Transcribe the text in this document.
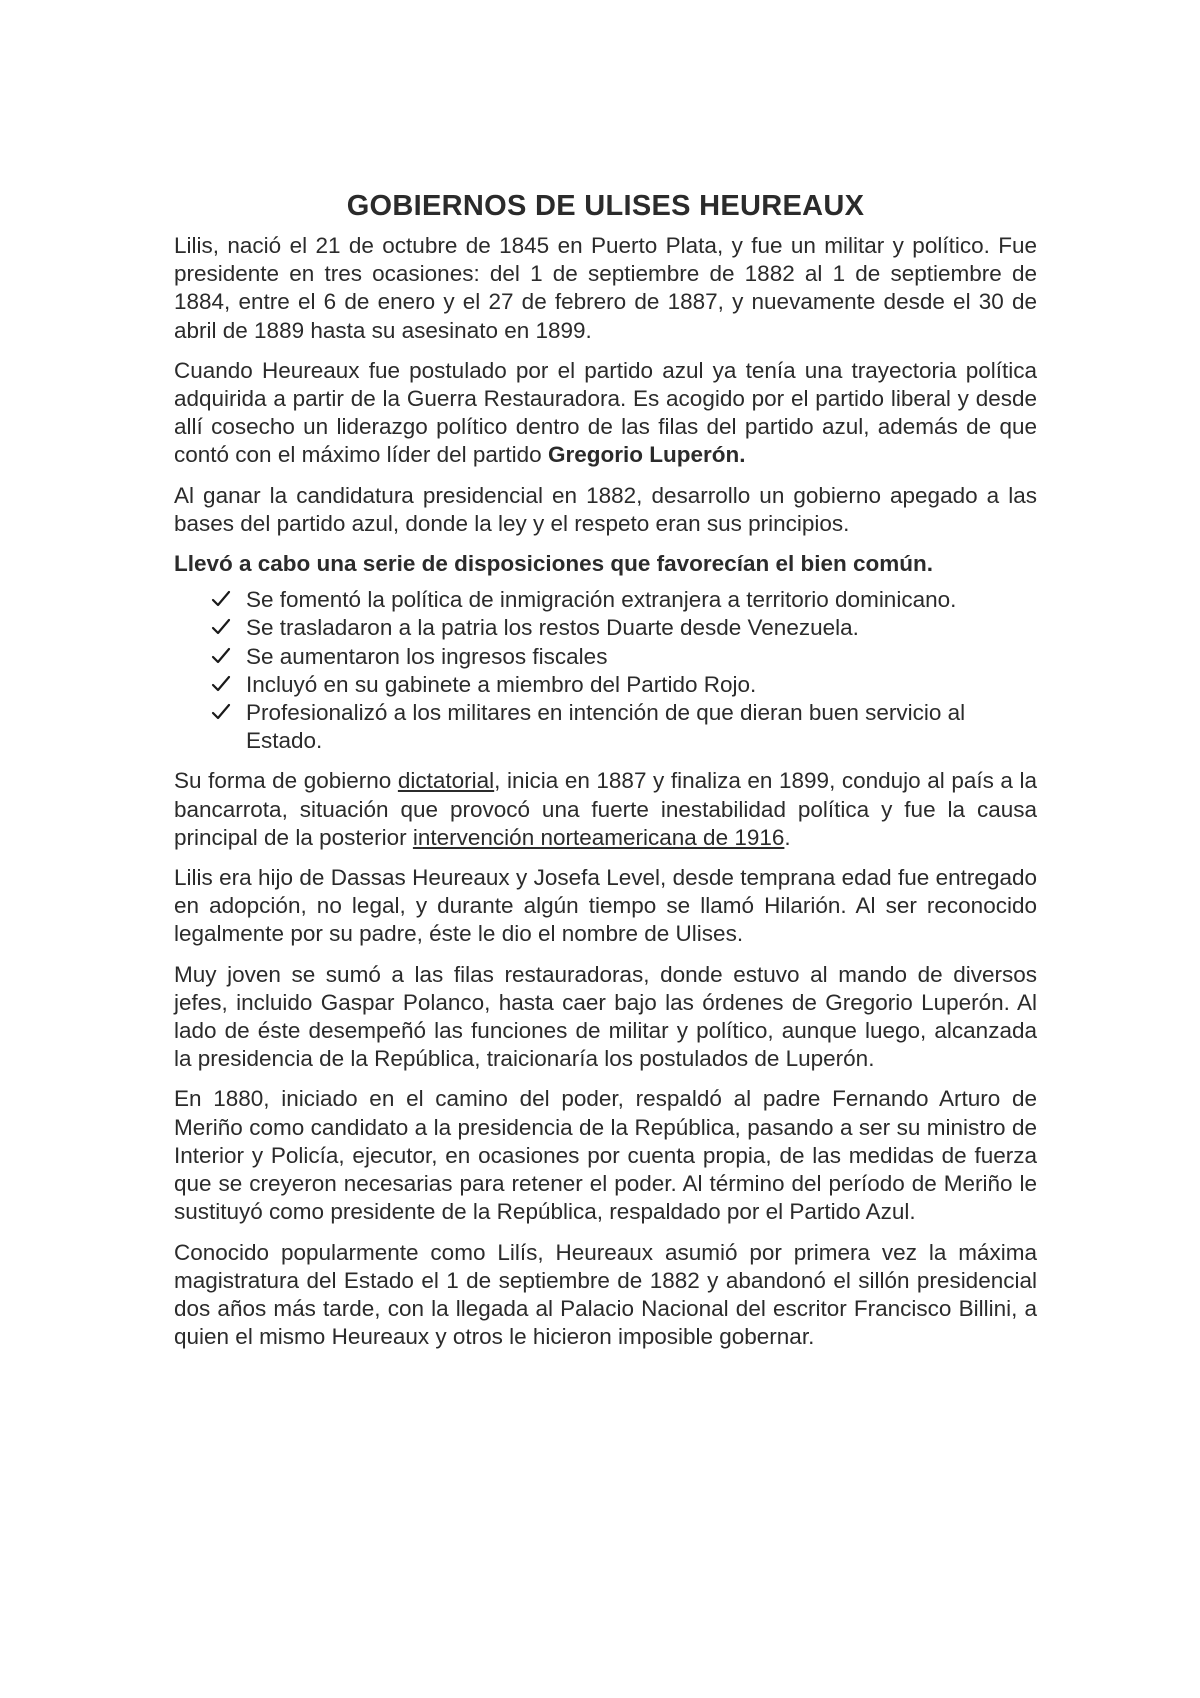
GOBIERNOS DE ULISES HEUREAUX

Lilis, nació el 21 de octubre de 1845 en Puerto Plata, y fue un militar y político. Fue presidente en tres ocasiones: del 1 de septiembre de 1882 al 1 de septiembre de 1884, entre el 6 de enero y el 27 de febrero de 1887, y nuevamente desde el 30 de abril de 1889 hasta su asesinato en 1899.

Cuando Heureaux fue postulado por el partido azul ya tenía una trayectoria política adquirida a partir de la Guerra Restauradora. Es acogido por el partido liberal y desde allí cosecho un liderazgo político dentro de las filas del partido azul, además de que contó con el máximo líder del partido Gregorio Luperón.

Al ganar la candidatura presidencial en 1882, desarrollo un gobierno apegado a las bases del partido azul, donde la ley y el respeto eran sus principios.

Llevó a cabo una serie de disposiciones que favorecían el bien común.

Se fomentó la política de inmigración extranjera a territorio dominicano.
Se trasladaron a la patria los restos Duarte desde Venezuela.
Se aumentaron los ingresos fiscales
Incluyó en su gabinete a miembro del Partido Rojo.
Profesionalizó a los militares en intención de que dieran buen servicio al Estado.

Su forma de gobierno dictatorial, inicia en 1887 y finaliza en 1899, condujo al país a la bancarrota, situación que provocó una fuerte inestabilidad política y fue la causa principal de la posterior intervención norteamericana de 1916.

Lilis era hijo de Dassas Heureaux y Josefa Level, desde temprana edad fue entregado en adopción, no legal, y durante algún tiempo se llamó Hilarión. Al ser reconocido legalmente por su padre, éste le dio el nombre de Ulises.

Muy joven se sumó a las filas restauradoras, donde estuvo al mando de diversos jefes, incluido Gaspar Polanco, hasta caer bajo las órdenes de Gregorio Luperón. Al lado de éste desempeñó las funciones de militar y político, aunque luego, alcanzada la presidencia de la República, traicionaría los postulados de Luperón.

En 1880, iniciado en el camino del poder, respaldó al padre Fernando Arturo de Meriño como candidato a la presidencia de la República, pasando a ser su ministro de Interior y Policía, ejecutor, en ocasiones por cuenta propia, de las medidas de fuerza que se creyeron necesarias para retener el poder. Al término del período de Meriño le sustituyó como presidente de la República, respaldado por el Partido Azul.

Conocido popularmente como Lilís, Heureaux asumió por primera vez la máxima magistratura del Estado el 1 de septiembre de 1882 y abandonó el sillón presidencial dos años más tarde, con la llegada al Palacio Nacional del escritor Francisco Billini, a quien el mismo Heureaux y otros le hicieron imposible gobernar.
